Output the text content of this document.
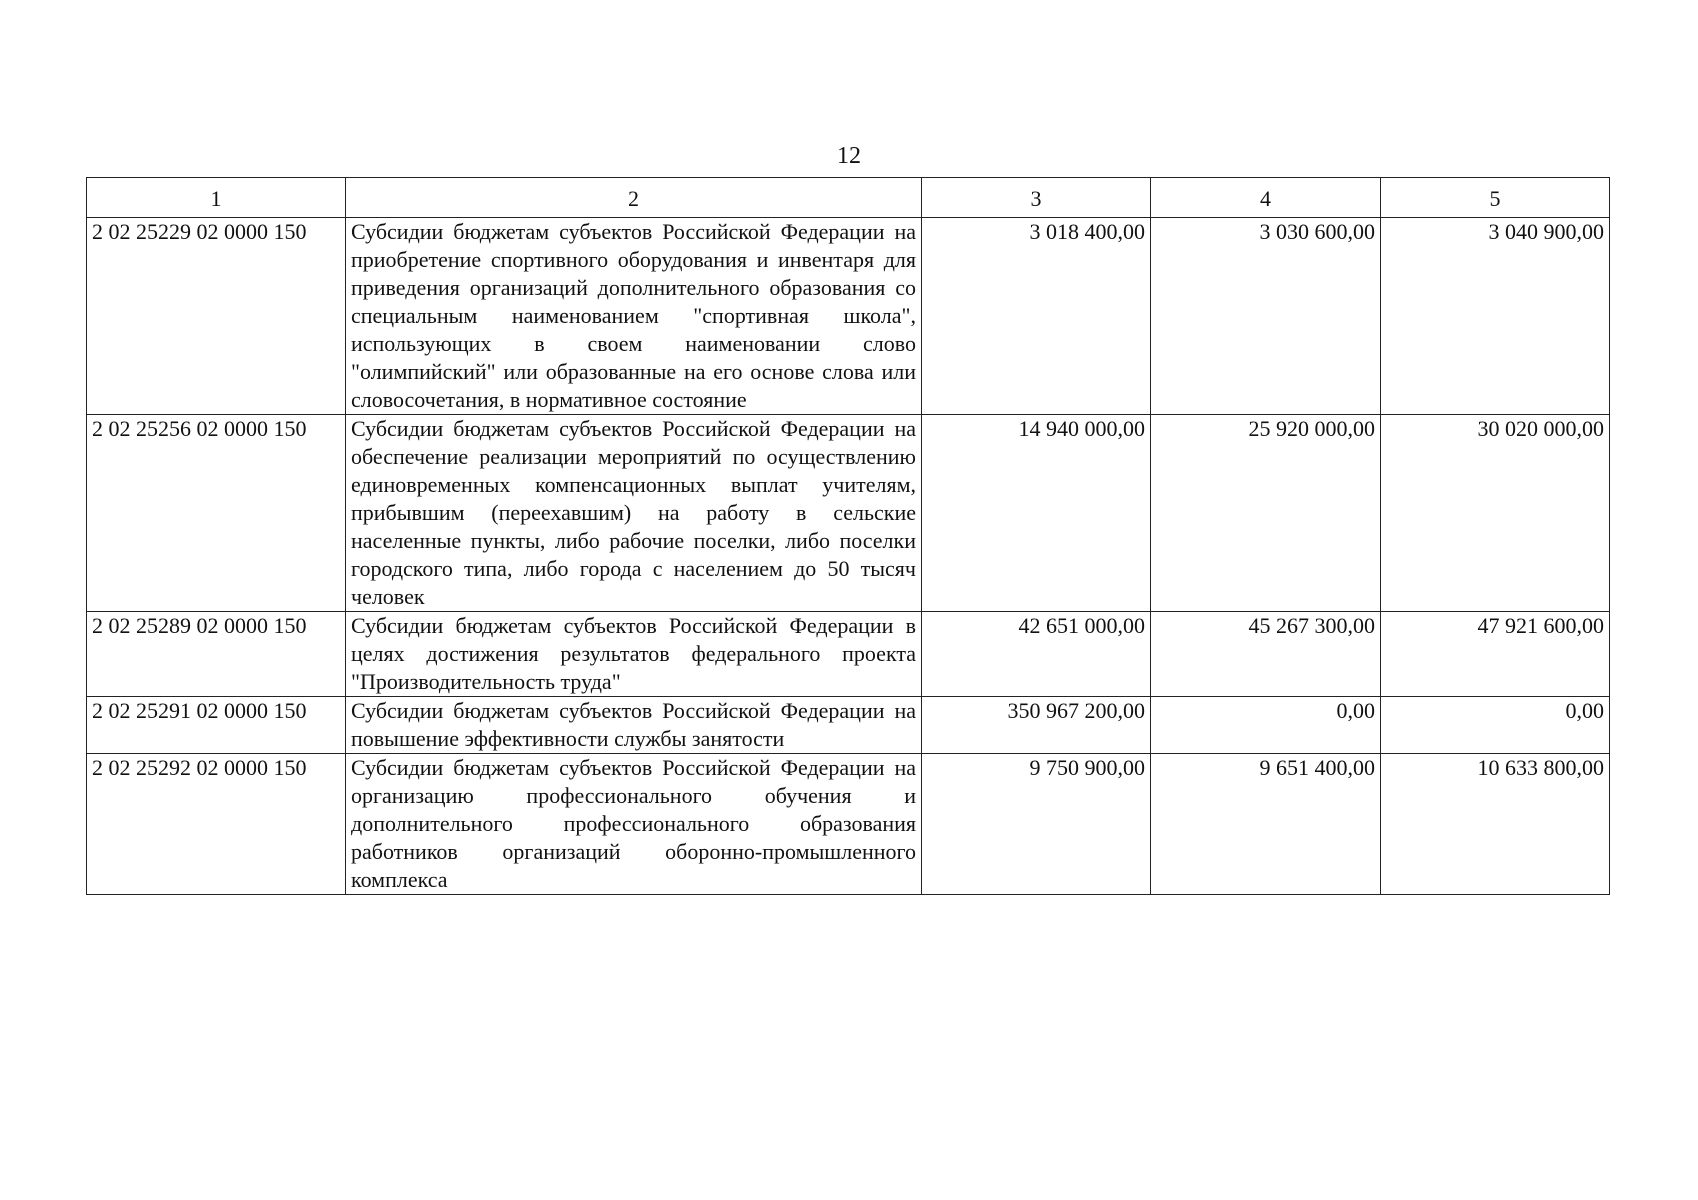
12
1	2	3	4	5
2 02 25229 02 0000 150	Субсидии бюджетам субъектов Российской Федерации на приобретение спортивного оборудования и инвентаря для приведения организаций дополнительного образования со специальным наименованием "спортивная школа", использующих в своем наименовании слово "олимпийский" или образованные на его основе слова или словосочетания, в нормативное состояние	3 018 400,00	3 030 600,00	3 040 900,00
2 02 25256 02 0000 150	Субсидии бюджетам субъектов Российской Федерации на обеспечение реализации мероприятий по осуществлению единовременных компенсационных выплат учителям, прибывшим (переехавшим) на работу в сельские населенные пункты, либо рабочие поселки, либо поселки городского типа, либо города с населением до 50 тысяч человек	14 940 000,00	25 920 000,00	30 020 000,00
2 02 25289 02 0000 150	Субсидии бюджетам субъектов Российской Федерации в целях достижения результатов федерального проекта "Производительность труда"	42 651 000,00	45 267 300,00	47 921 600,00
2 02 25291 02 0000 150	Субсидии бюджетам субъектов Российской Федерации на повышение эффективности службы занятости	350 967 200,00	0,00	0,00
2 02 25292 02 0000 150	Субсидии бюджетам субъектов Российской Федерации на организацию профессионального обучения и дополнительного профессионального образования работников организаций оборонно-промышленного комплекса	9 750 900,00	9 651 400,00	10 633 800,00
